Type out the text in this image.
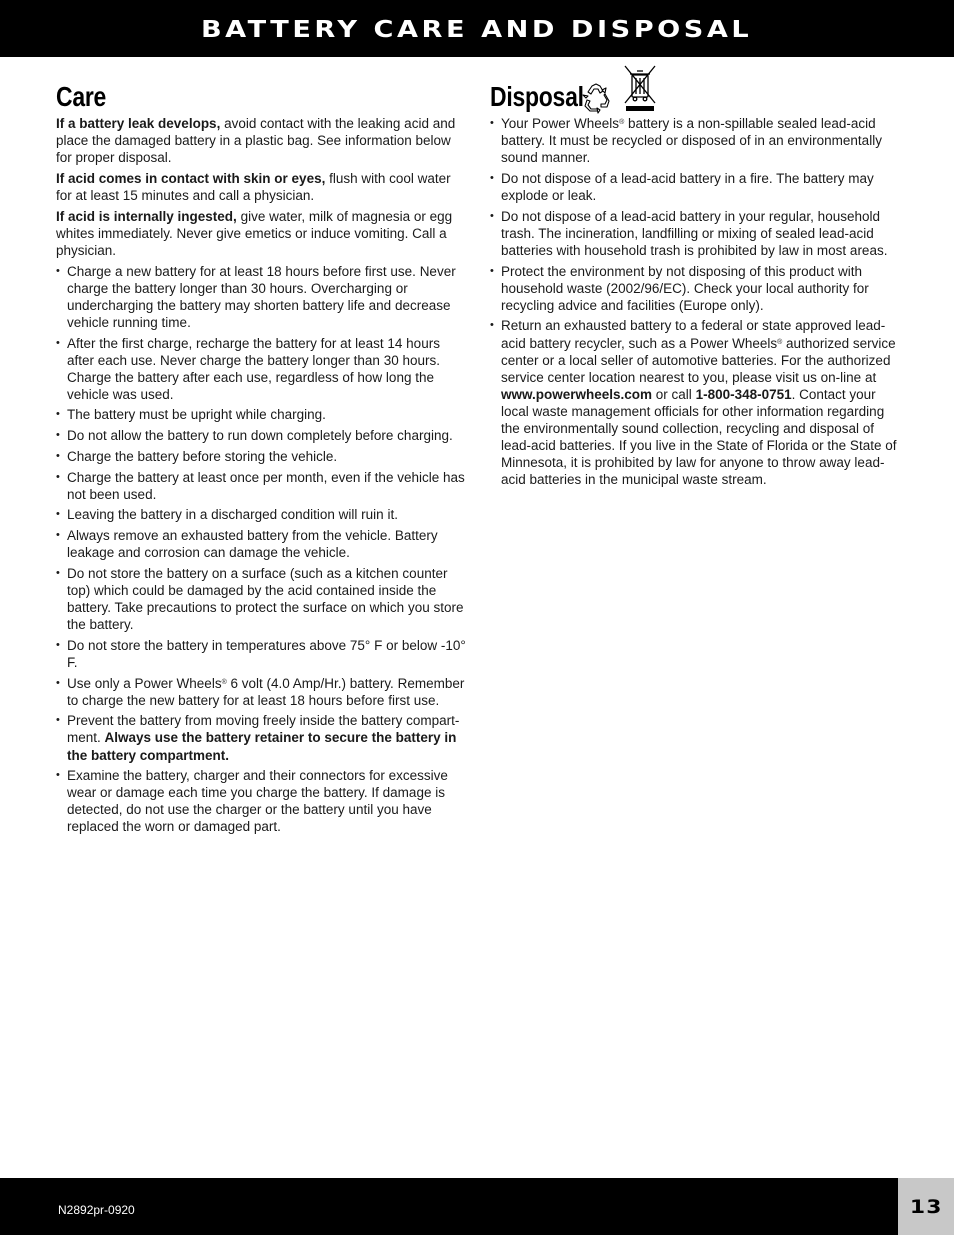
BATTERY CARE AND DISPOSAL
Care

If a battery leak develops, avoid contact with the leaking acid and place the damaged battery in a plastic bag. See information below for proper disposal.

If acid comes in contact with skin or eyes, flush with cool water for at least 15 minutes and call a physician.

If acid is internally ingested, give water, milk of magnesia or egg whites immediately. Never give emetics or induce vomiting. Call a physician.

• Charge a new battery for at least 18 hours before first use. Never charge the battery longer than 30 hours. Overcharging or undercharging the battery may shorten battery life and decrease vehicle running time.
• After the first charge, recharge the battery for at least 14 hours after each use. Never charge the battery longer than 30 hours. Charge the battery after each use, regardless of how long the vehicle was used.
• The battery must be upright while charging.
• Do not allow the battery to run down completely before charging.
• Charge the battery before storing the vehicle.
• Charge the battery at least once per month, even if the vehicle has not been used.
• Leaving the battery in a discharged condition will ruin it.
• Always remove an exhausted battery from the vehicle. Battery leakage and corrosion can damage the vehicle.
• Do not store the battery on a surface (such as a kitchen counter top) which could be damaged by the acid contained inside the battery. Take precautions to protect the surface on which you store the battery.
• Do not store the battery in temperatures above 75° F or below -10° F.
• Use only a Power Wheels® 6 volt (4.0 Amp/Hr.) battery. Remember to charge the new battery for at least 18 hours before first use.
• Prevent the battery from moving freely inside the battery compart-ment. Always use the battery retainer to secure the battery in the battery compartment.
• Examine the battery, charger and their connectors for excessive wear or damage each time you charge the battery. If damage is detected, do not use the charger or the battery until you have replaced the worn or damaged part.
Disposal
• Your Power Wheels® battery is a non-spillable sealed lead-acid battery. It must be recycled or disposed of in an environmentally sound manner.
• Do not dispose of a lead-acid battery in a fire. The battery may explode or leak.
• Do not dispose of a lead-acid battery in your regular, household trash. The incineration, landfilling or mixing of sealed lead-acid batteries with household trash is prohibited by law in most areas.
• Protect the environment by not disposing of this product with household waste (2002/96/EC). Check your local authority for recycling advice and facilities (Europe only).
• Return an exhausted battery to a federal or state approved lead-acid battery recycler, such as a Power Wheels® authorized service center or a local seller of automotive batteries. For the authorized service center location nearest to you, please visit us on-line at www.powerwheels.com or call 1-800-348-0751. Contact your local waste management officials for other information regarding the environmentally sound collection, recycling and disposal of lead-acid batteries. If you live in the State of Florida or the State of Minnesota, it is prohibited by law for anyone to throw away lead-acid batteries in the municipal waste stream.
N2892pr-0920	13
